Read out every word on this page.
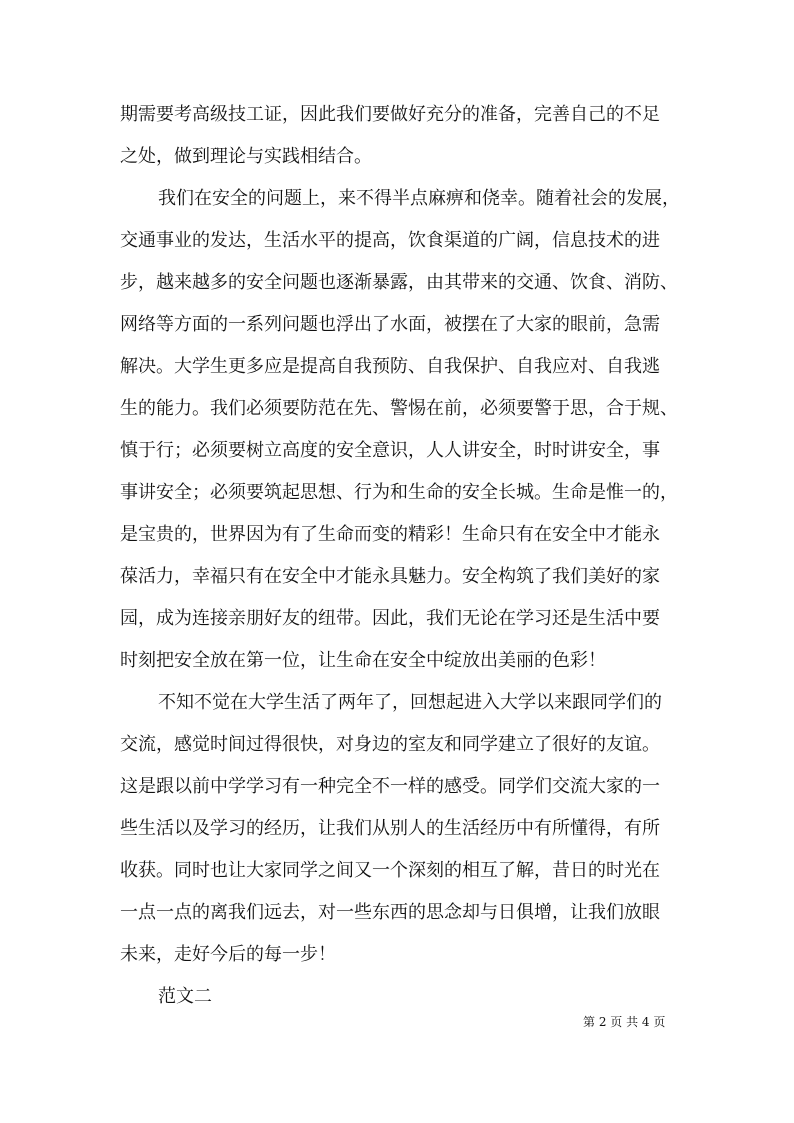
期需要考高级技工证，因此我们要做好充分的准备，完善自己的不足
之处，做到理论与实践相结合。
我们在安全的问题上，来不得半点麻痹和侥幸。随着社会的发展，
交通事业的发达，生活水平的提高，饮食渠道的广阔，信息技术的进
步，越来越多的安全问题也逐渐暴露，由其带来的交通、饮食、消防、
网络等方面的一系列问题也浮出了水面，被摆在了大家的眼前，急需
解决。大学生更多应是提高自我预防、自我保护、自我应对、自我逃
生的能力。我们必须要防范在先、警惕在前，必须要警于思，合于规、
慎于行；必须要树立高度的安全意识，人人讲安全，时时讲安全，事
事讲安全；必须要筑起思想、行为和生命的安全长城。生命是惟一的，
是宝贵的，世界因为有了生命而变的精彩！生命只有在安全中才能永
葆活力，幸福只有在安全中才能永具魅力。安全构筑了我们美好的家
园，成为连接亲朋好友的纽带。因此，我们无论在学习还是生活中要
时刻把安全放在第一位，让生命在安全中绽放出美丽的色彩！
不知不觉在大学生活了两年了，回想起进入大学以来跟同学们的
交流，感觉时间过得很快，对身边的室友和同学建立了很好的友谊。
这是跟以前中学学习有一种完全不一样的感受。同学们交流大家的一
些生活以及学习的经历，让我们从别人的生活经历中有所懂得，有所
收获。同时也让大家同学之间又一个深刻的相互了解，昔日的时光在
一点一点的离我们远去，对一些东西的思念却与日俱增，让我们放眼
未来，走好今后的每一步！
范文二
第 2 页 共 4 页
